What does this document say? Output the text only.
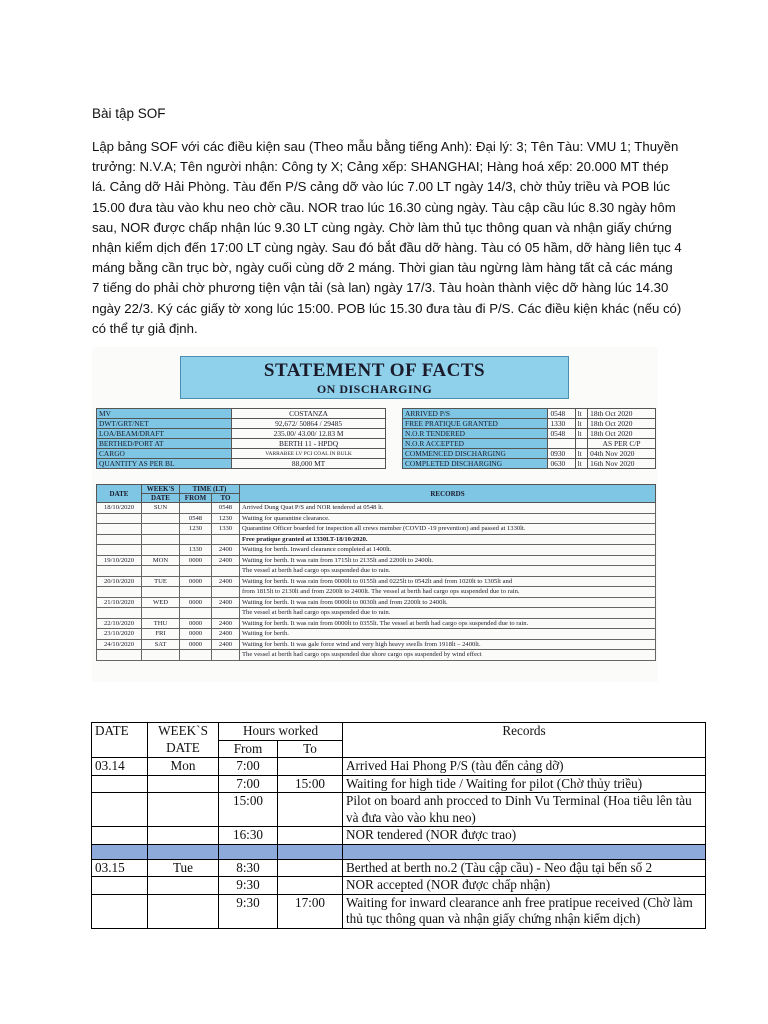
Bài tập SOF

Lập bảng SOF với các điều kiện sau (Theo mẫu bằng tiếng Anh): Đại lý: 3; Tên Tàu: VMU 1; Thuyền trưởng: N.V.A; Tên người nhận: Công ty X; Cảng xếp: SHANGHAI; Hàng hoá xếp: 20.000 MT thép lá. Cảng dỡ Hải Phòng. Tàu đến P/S cảng dỡ vào lúc 7.00 LT ngày 14/3, chờ thủy triều và POB lúc 15.00 đưa tàu vào khu neo chờ cầu. NOR trao lúc 16.30 cùng ngày. Tàu cập cầu lúc 8.30 ngày hôm sau, NOR được chấp nhận lúc 9.30 LT cùng ngày. Chờ làm thủ tục thông quan và nhận giấy chứng nhận kiểm dịch đến 17:00 LT cùng ngày. Sau đó bắt đầu dỡ hàng. Tàu có 05 hầm, dỡ hàng liên tục 4 máng bằng cần trục bờ, ngày cuối cùng dỡ 2 máng. Thời gian tàu ngừng làm hàng tất cả các máng 7 tiếng do phải chờ phương tiện vận tải (sà lan) ngày 17/3. Tàu hoàn thành việc dỡ hàng lúc 14.30 ngày 22/3. Ký các giấy tờ xong lúc 15:00. POB lúc 15.30 đưa tàu đi P/S. Các điều kiện khác (nếu có) có thể tự giả định.

STATEMENT OF FACTS
ON DISCHARGING
MV	COSTANZA
DWT/GRT/NET	92,672/ 50864 / 29485
LOA/BEAM/DRAFT	235.00/ 43.00/ 12.83 M
BERTHED/PORT AT	BERTH 11 - HPDQ
CARGO	VARRABEE LV PCI COAL IN BULK
QUANTITY AS PER BL	88,000 MT
ARRIVED P/S	0548	lt	18th Oct 2020
FREE PRATIQUE GRANTED	1330	lt	18th Oct 2020
N.O.R TENDERED	0548	lt	18th Oct 2020
N.O.R ACCEPTED			AS PER C/P
COMMENCED DISCHARGING	0930	lt	04th Nov 2020
COMPLETED DISCHARGING	0630	lt	16th Nov 2020
DATE	WEEK'S	TIME (LT)		RECORDS
	DATE	FROM	TO	
18/10/2020	SUN		0548	Arrived Dung Quat P/S and NOR tendered at 0548 lt.
		0548	1230	Waiting for quarantine clearance.
		1230	1330	Quarantine Officer boarded for inspection all crews member (COVID -19 prevention) and passed at 1330lt.
				Free pratique granted at 1330LT-18/10/2020.
		1330	2400	Waiting for berth. Inward clearance completed at 1400lt.
19/10/2020	MON	0000	2400	Waiting for berth. It was rain from 1715lt to 2135lt and 2200lt to 2400lt.
				The vessel at berth had cargo ops suspended due to rain.
20/10/2020	TUE	0000	2400	Waiting for berth. It was rain from 0000lt to 0155lt and 0225lt to 0542lt and from 1020lt to 1305lt and
				from 1815lt to 2130lt and from 2200lt to 2400lt. The vessel at berth had cargo ops suspended due to rain.
21/10/2020	WED	0000	2400	Waiting for berth. It was rain from 0000lt to 0030lt and from 2200lt to 2400lt.
				The vessel at berth had cargo ops suspended due to rain.
22/10/2020	THU	0000	2400	Waiting for berth. It was rain from 0000lt to 0355lt. The vessel at berth had cargo ops suspended due to rain.
23/10/2020	FRI	0000	2400	Waiting for berth.
24/10/2020	SAT	0000	2400	Waiting for berth. It was gale force wind and very high heavy swells from 1918lt – 2400lt.
				The vessel at berth had cargo ops suspended due shore cargo ops suspended by wind effect
DATE	WEEK`S
DATE	Hours worked		Records
		From	To	
03.14	Mon	7:00		Arrived Hai Phong P/S (tàu đến cảng dỡ)
		7:00	15:00	Waiting for high tide / Waiting for pilot (Chờ thủy triều)
		15:00		Pilot on board anh procced to Dinh Vu Terminal (Hoa tiêu lên tàu và đưa vào vào khu neo)
		16:30		NOR tendered (NOR được trao)

03.15	Tue	8:30		Berthed at berth no.2 (Tàu cập cầu) - Neo đậu tại bến số 2
		9:30		NOR accepted (NOR được chấp nhận)
		9:30	17:00	Waiting for inward clearance anh free pratipue received (Chờ làm thủ tục thông quan và nhận giấy chứng nhận kiểm dịch)
